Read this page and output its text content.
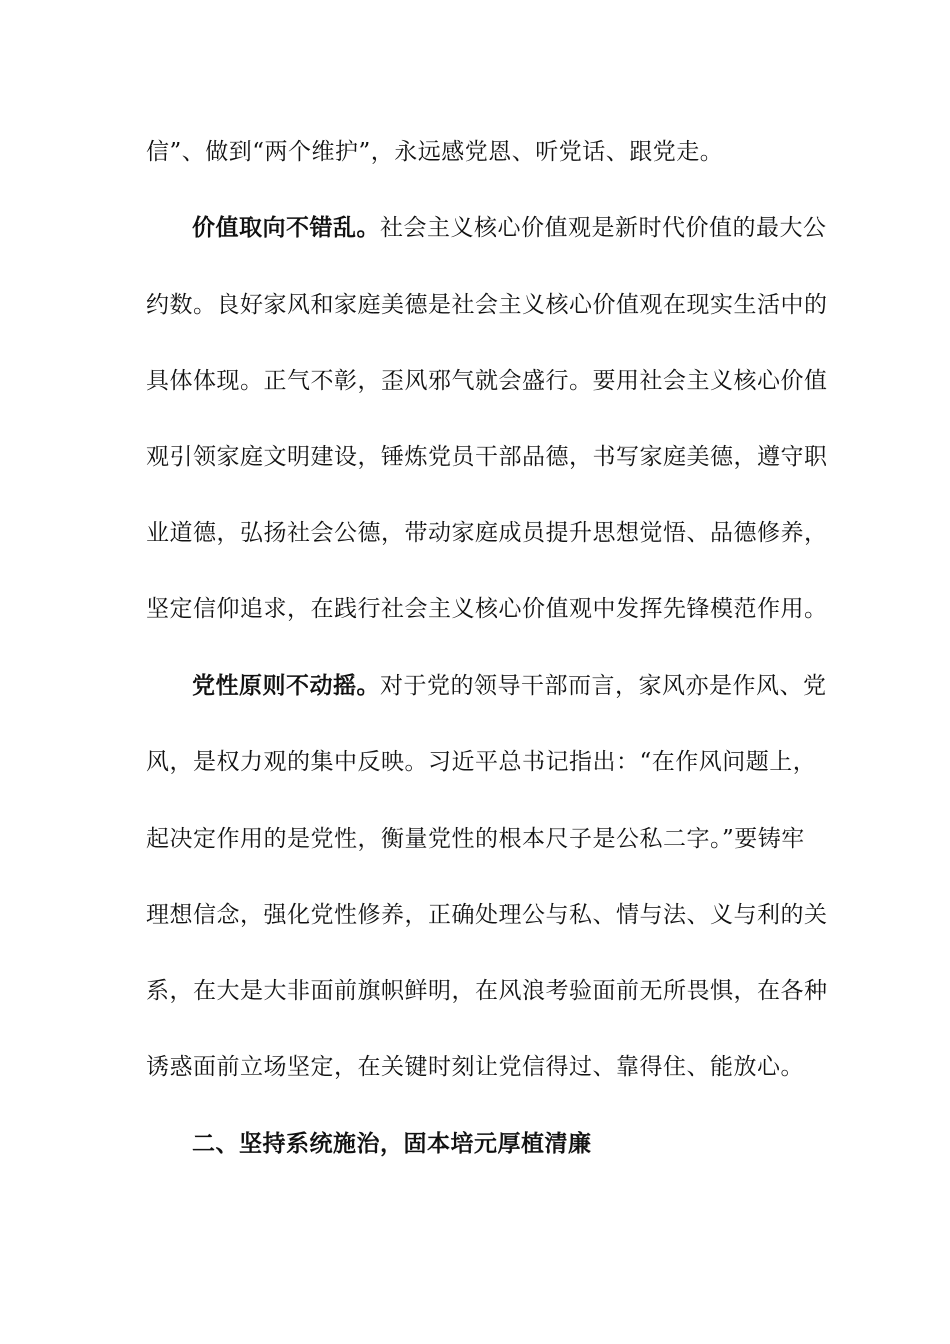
信”、做到“两个维护”，永远感党恩、听党话、跟党走。
价值取向不错乱。社会主义核心价值观是新时代价值的最大公
约数。良好家风和家庭美德是社会主义核心价值观在现实生活中的
具体体现。正气不彰，歪风邪气就会盛行。要用社会主义核心价值
观引领家庭文明建设，锤炼党员干部品德，书写家庭美德，遵守职
业道德，弘扬社会公德，带动家庭成员提升思想觉悟、品德修养，
坚定信仰追求，在践行社会主义核心价值观中发挥先锋模范作用。
党性原则不动摇。对于党的领导干部而言，家风亦是作风、党
风，是权力观的集中反映。习近平总书记指出：“在作风问题上，
起决定作用的是党性，衡量党性的根本尺子是公私二字。”要铸牢
理想信念，强化党性修养，正确处理公与私、情与法、义与利的关
系，在大是大非面前旗帜鲜明，在风浪考验面前无所畏惧，在各种
诱惑面前立场坚定，在关键时刻让党信得过、靠得住、能放心。
二、坚持系统施治，固本培元厚植清廉
